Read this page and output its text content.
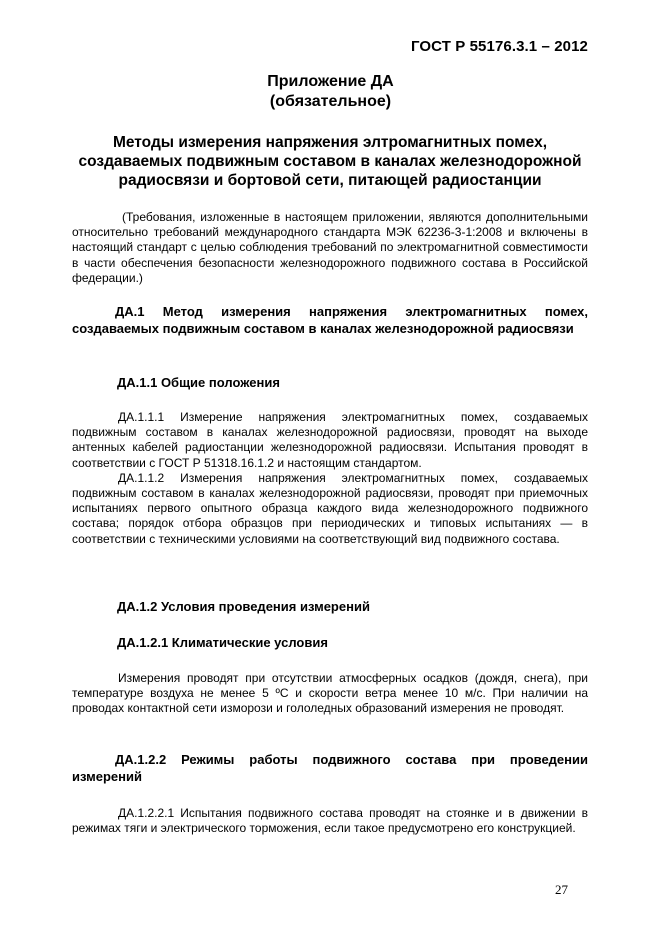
ГОСТ Р 55176.3.1 – 2012
Приложение ДА
(обязательное)
Методы измерения напряжения элтромагнитных помех, создаваемых подвижным составом в каналах железнодорожной радиосвязи и бортовой сети, питающей радиостанции

(Требования, изложенные в настоящем приложении, являются дополнительными относительно требований международного стандарта МЭК 62236-3-1:2008 и включены в настоящий стандарт с целью соблюдения требований по электромагнитной совместимости в части обеспечения безопасности железнодорожного подвижного состава в Российской федерации.)

ДА.1 Метод измерения напряжения электромагнитных помех, создаваемых подвижным составом в каналах железнодорожной радиосвязи
ДА.1.1 Общие положения

ДА.1.1.1 Измерение напряжения электромагнитных помех, создаваемых подвижным составом в каналах железнодорожной радиосвязи, проводят на выходе антенных кабелей радиостанции железнодорожной радиосвязи. Испытания проводят в соответствии с ГОСТ Р 51318.16.1.2 и настоящим стандартом.

ДА.1.1.2 Измерения напряжения электромагнитных помех, создаваемых подвижным составом в каналах железнодорожной радиосвязи, проводят при приемочных испытаниях первого опытного образца каждого вида железнодорожного подвижного состава; порядок отбора образцов при периодических и типовых испытаниях — в соответствии с техническими условиями на соответствующий вид подвижного состава.

ДА.1.2 Условия проведения измерений
ДА.1.2.1 Климатические условия

Измерения проводят при отсутствии атмосферных осадков (дождя, снега), при температуре воздуха не менее 5 ºС и скорости ветра менее 10 м/с. При наличии на проводах контактной сети изморози и гололедных образований измерения не проводят.

ДА.1.2.2 Режимы работы подвижного состава при проведении измерений

ДА.1.2.2.1 Испытания подвижного состава проводят на стоянке и в движении в режимах тяги и электрического торможения, если такое предусмотрено его конструкцией.

27
